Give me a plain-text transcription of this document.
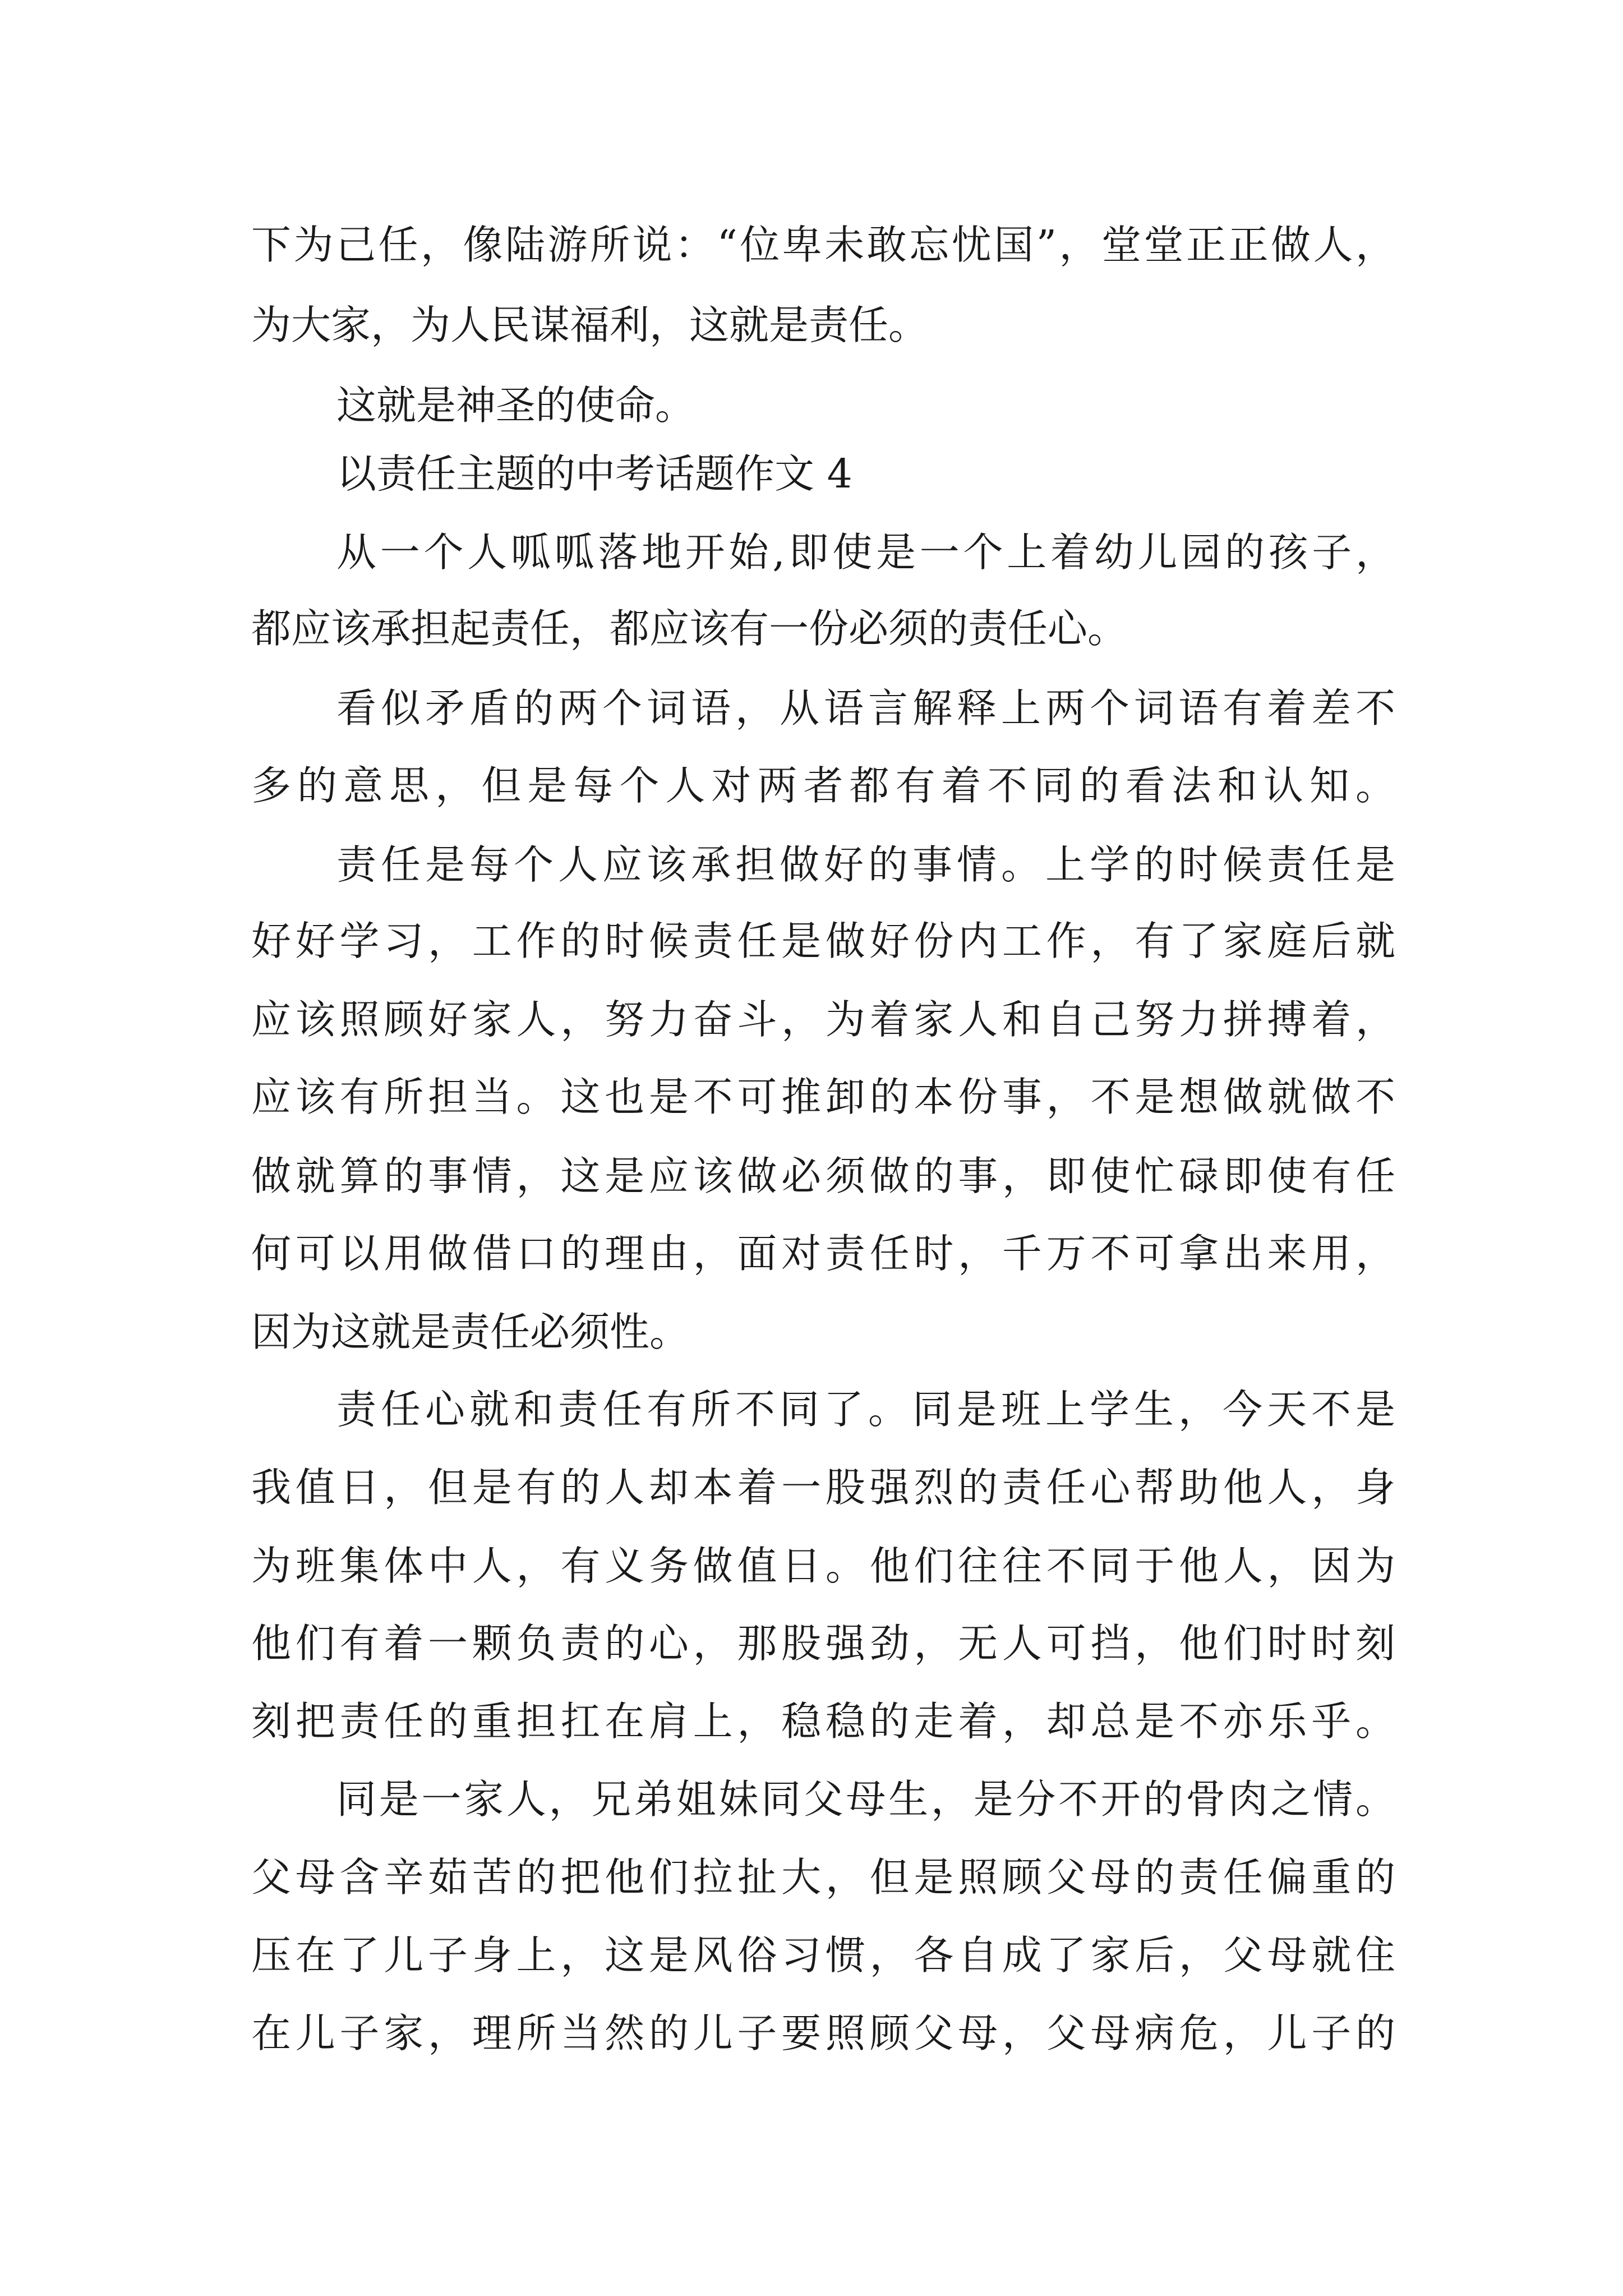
下为己任，像陆游所说：“位卑未敢忘忧国”，堂堂正正做人，
为大家，为人民谋福利，这就是责任。
这就是神圣的使命。
以责任主题的中考话题作文 4
从一个人呱呱落地开始,即使是一个上着幼儿园的孩子，
都应该承担起责任，都应该有一份必须的责任心。
看似矛盾的两个词语，从语言解释上两个词语有着差不
多的意思，但是每个人对两者都有着不同的看法和认知。
责任是每个人应该承担做好的事情。上学的时候责任是
好好学习，工作的时候责任是做好份内工作，有了家庭后就
应该照顾好家人，努力奋斗，为着家人和自己努力拼搏着，
应该有所担当。这也是不可推卸的本份事，不是想做就做不
做就算的事情，这是应该做必须做的事，即使忙碌即使有任
何可以用做借口的理由，面对责任时，千万不可拿出来用，
因为这就是责任必须性。
责任心就和责任有所不同了。同是班上学生，今天不是
我值日，但是有的人却本着一股强烈的责任心帮助他人，身
为班集体中人，有义务做值日。他们往往不同于他人，因为
他们有着一颗负责的心，那股强劲，无人可挡，他们时时刻
刻把责任的重担扛在肩上，稳稳的走着，却总是不亦乐乎。
同是一家人，兄弟姐妹同父母生，是分不开的骨肉之情。
父母含辛茹苦的把他们拉扯大，但是照顾父母的责任偏重的
压在了儿子身上，这是风俗习惯，各自成了家后，父母就住
在儿子家，理所当然的儿子要照顾父母，父母病危，儿子的
